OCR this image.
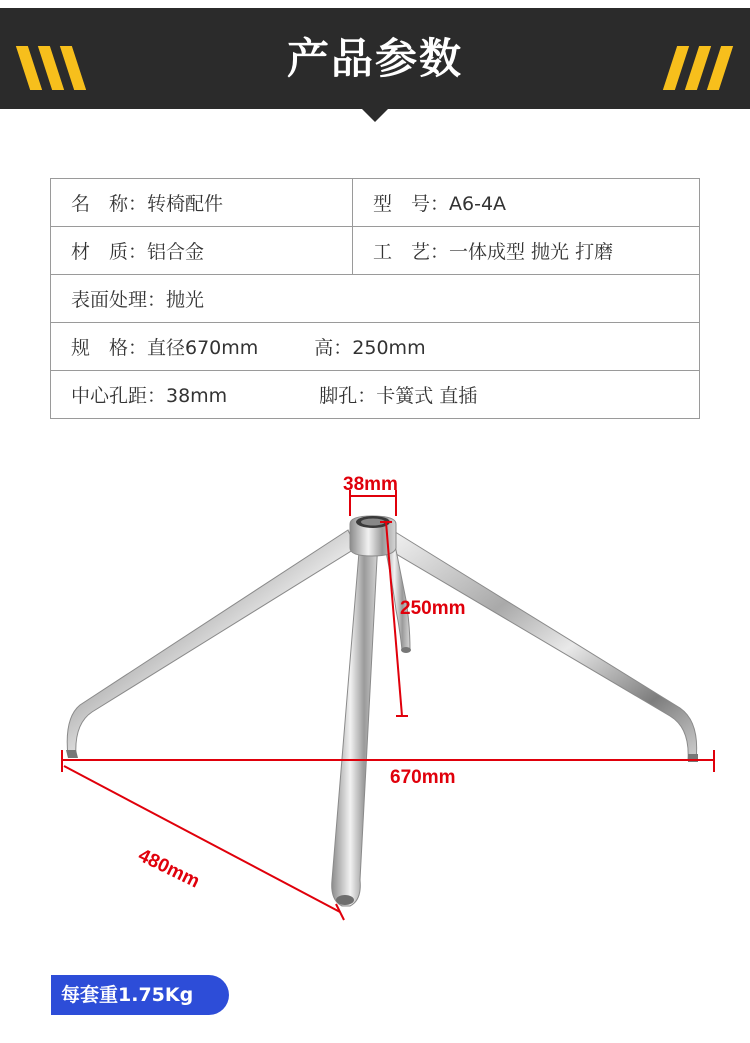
产品参数
名　称：转椅配件	型　号：A6-4A
材　质：铝合金	工　艺：一体成型 抛光 打磨
表面处理：抛光	
规　格：直径670mm 高：250mm	
中心孔距：38mm 脚孔：卡簧式 直插	
38mm
250mm
670mm
480mm
每套重1.75Kg
